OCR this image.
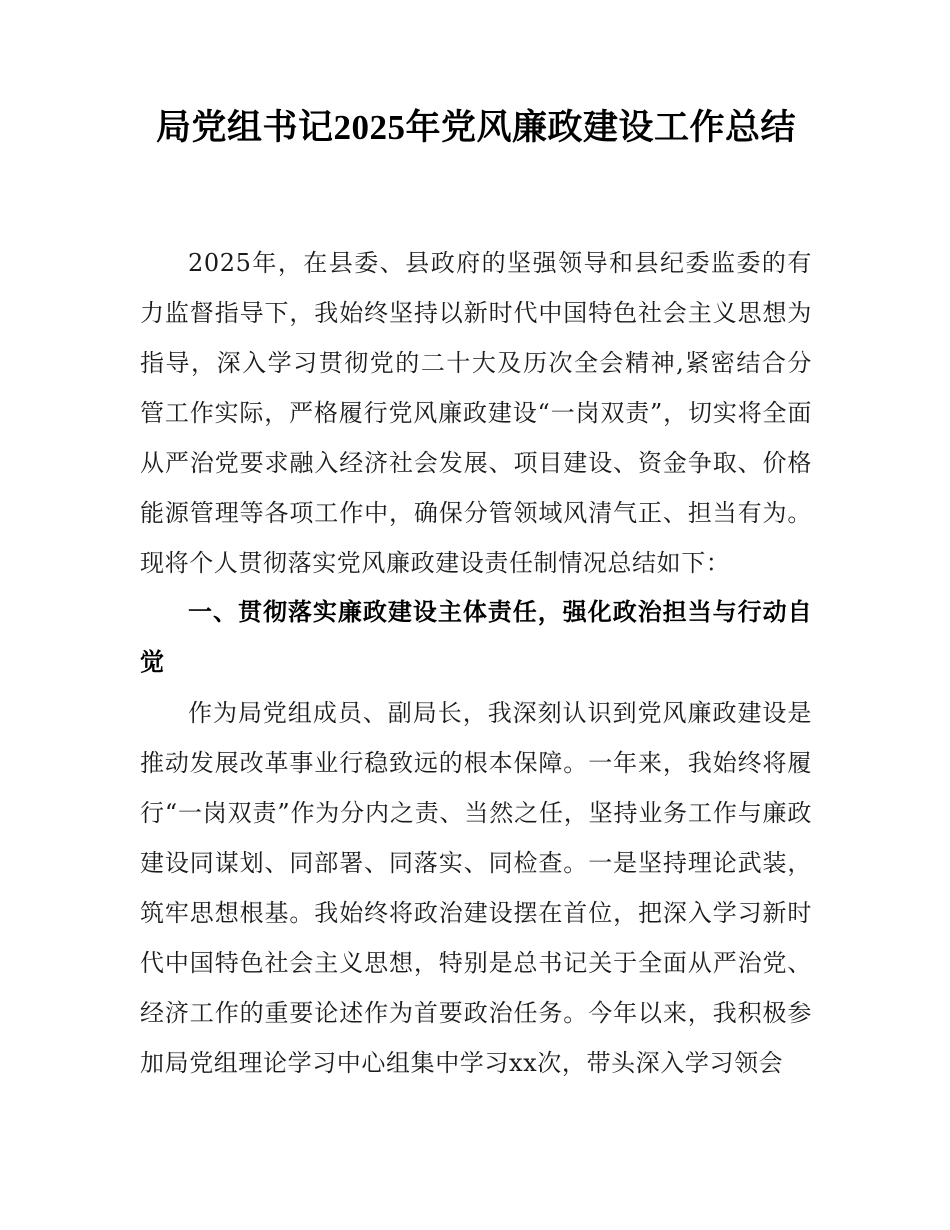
局党组书记2025年党风廉政建设工作总结

2025年，在县委、县政府的坚强领导和县纪委监委的有力监督指导下，我始终坚持以新时代中国特色社会主义思想为指导，深入学习贯彻党的二十大及历次全会精神,紧密结合分管工作实际，严格履行党风廉政建设“一岗双责”，切实将全面从严治党要求融入经济社会发展、项目建设、资金争取、价格能源管理等各项工作中，确保分管领域风清气正、担当有为。现将个人贯彻落实党风廉政建设责任制情况总结如下：

一、贯彻落实廉政建设主体责任，强化政治担当与行动自觉

作为局党组成员、副局长，我深刻认识到党风廉政建设是推动发展改革事业行稳致远的根本保障。一年来，我始终将履行“一岗双责”作为分内之责、当然之任，坚持业务工作与廉政建设同谋划、同部署、同落实、同检查。一是坚持理论武装，筑牢思想根基。我始终将政治建设摆在首位，把深入学习新时代中国特色社会主义思想，特别是总书记关于全面从严治党、经济工作的重要论述作为首要政治任务。今年以来，我积极参加局党组理论学习中心组集中学习xx次，带头深入学习领会
